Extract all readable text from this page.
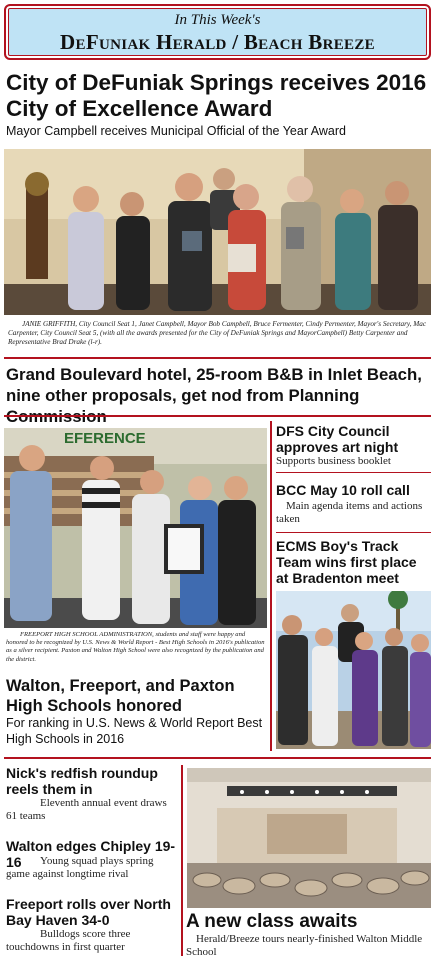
In This Week's
DeFuniak Herald / Beach Breeze
City of DeFuniak Springs receives 2016 City of Excellence Award
Mayor Campbell receives Municipal Official of the Year Award
JANIE GRIFFITH, City Council Seat 1, Janet Campbell, Mayor Bob Campbell, Bruce Fermenter, Cindy Permenter, Mayor's Secretary, Mac Carpenter, City Council Seat 5, (with all the awards presented for the City of DeFuniak Springs and MayorCampbell) Betty Carpenter and Representative Brad Drake (l-r).
Grand Boulevard hotel, 25-room B&B in Inlet Beach, nine other proposals, get nod from Planning
EFERENCE
FREEPORT HIGH SCHOOL ADMINISTRATION, students and staff were happy and honored to be recognized by U.S. News & World Report - Best High Schools in 2016's publication as a silver recipient. Paxton and Walton High School were also recognized by the publication and the district.
Walton, Freeport, and Paxton High Schools honored
For ranking in U.S. News & World Report Best High Schools in 2016
DFS City Council approves art night
Supports business booklet
BCC May 10 roll call
Main agenda items and actions taken
ECMS Boy's Track Team wins first place at Bradenton meet
Nick's redfish roundup reels them in
Eleventh annual event draws 61 teams
Walton edges Chipley 19-16	Young squad plays spring game against longtime rival
Freeport rolls over North Bay Haven 34-0
Bulldogs score three touchdowns in first quarter
A new class awaits
Herald/Breeze tours nearly-finished Walton Middle School
